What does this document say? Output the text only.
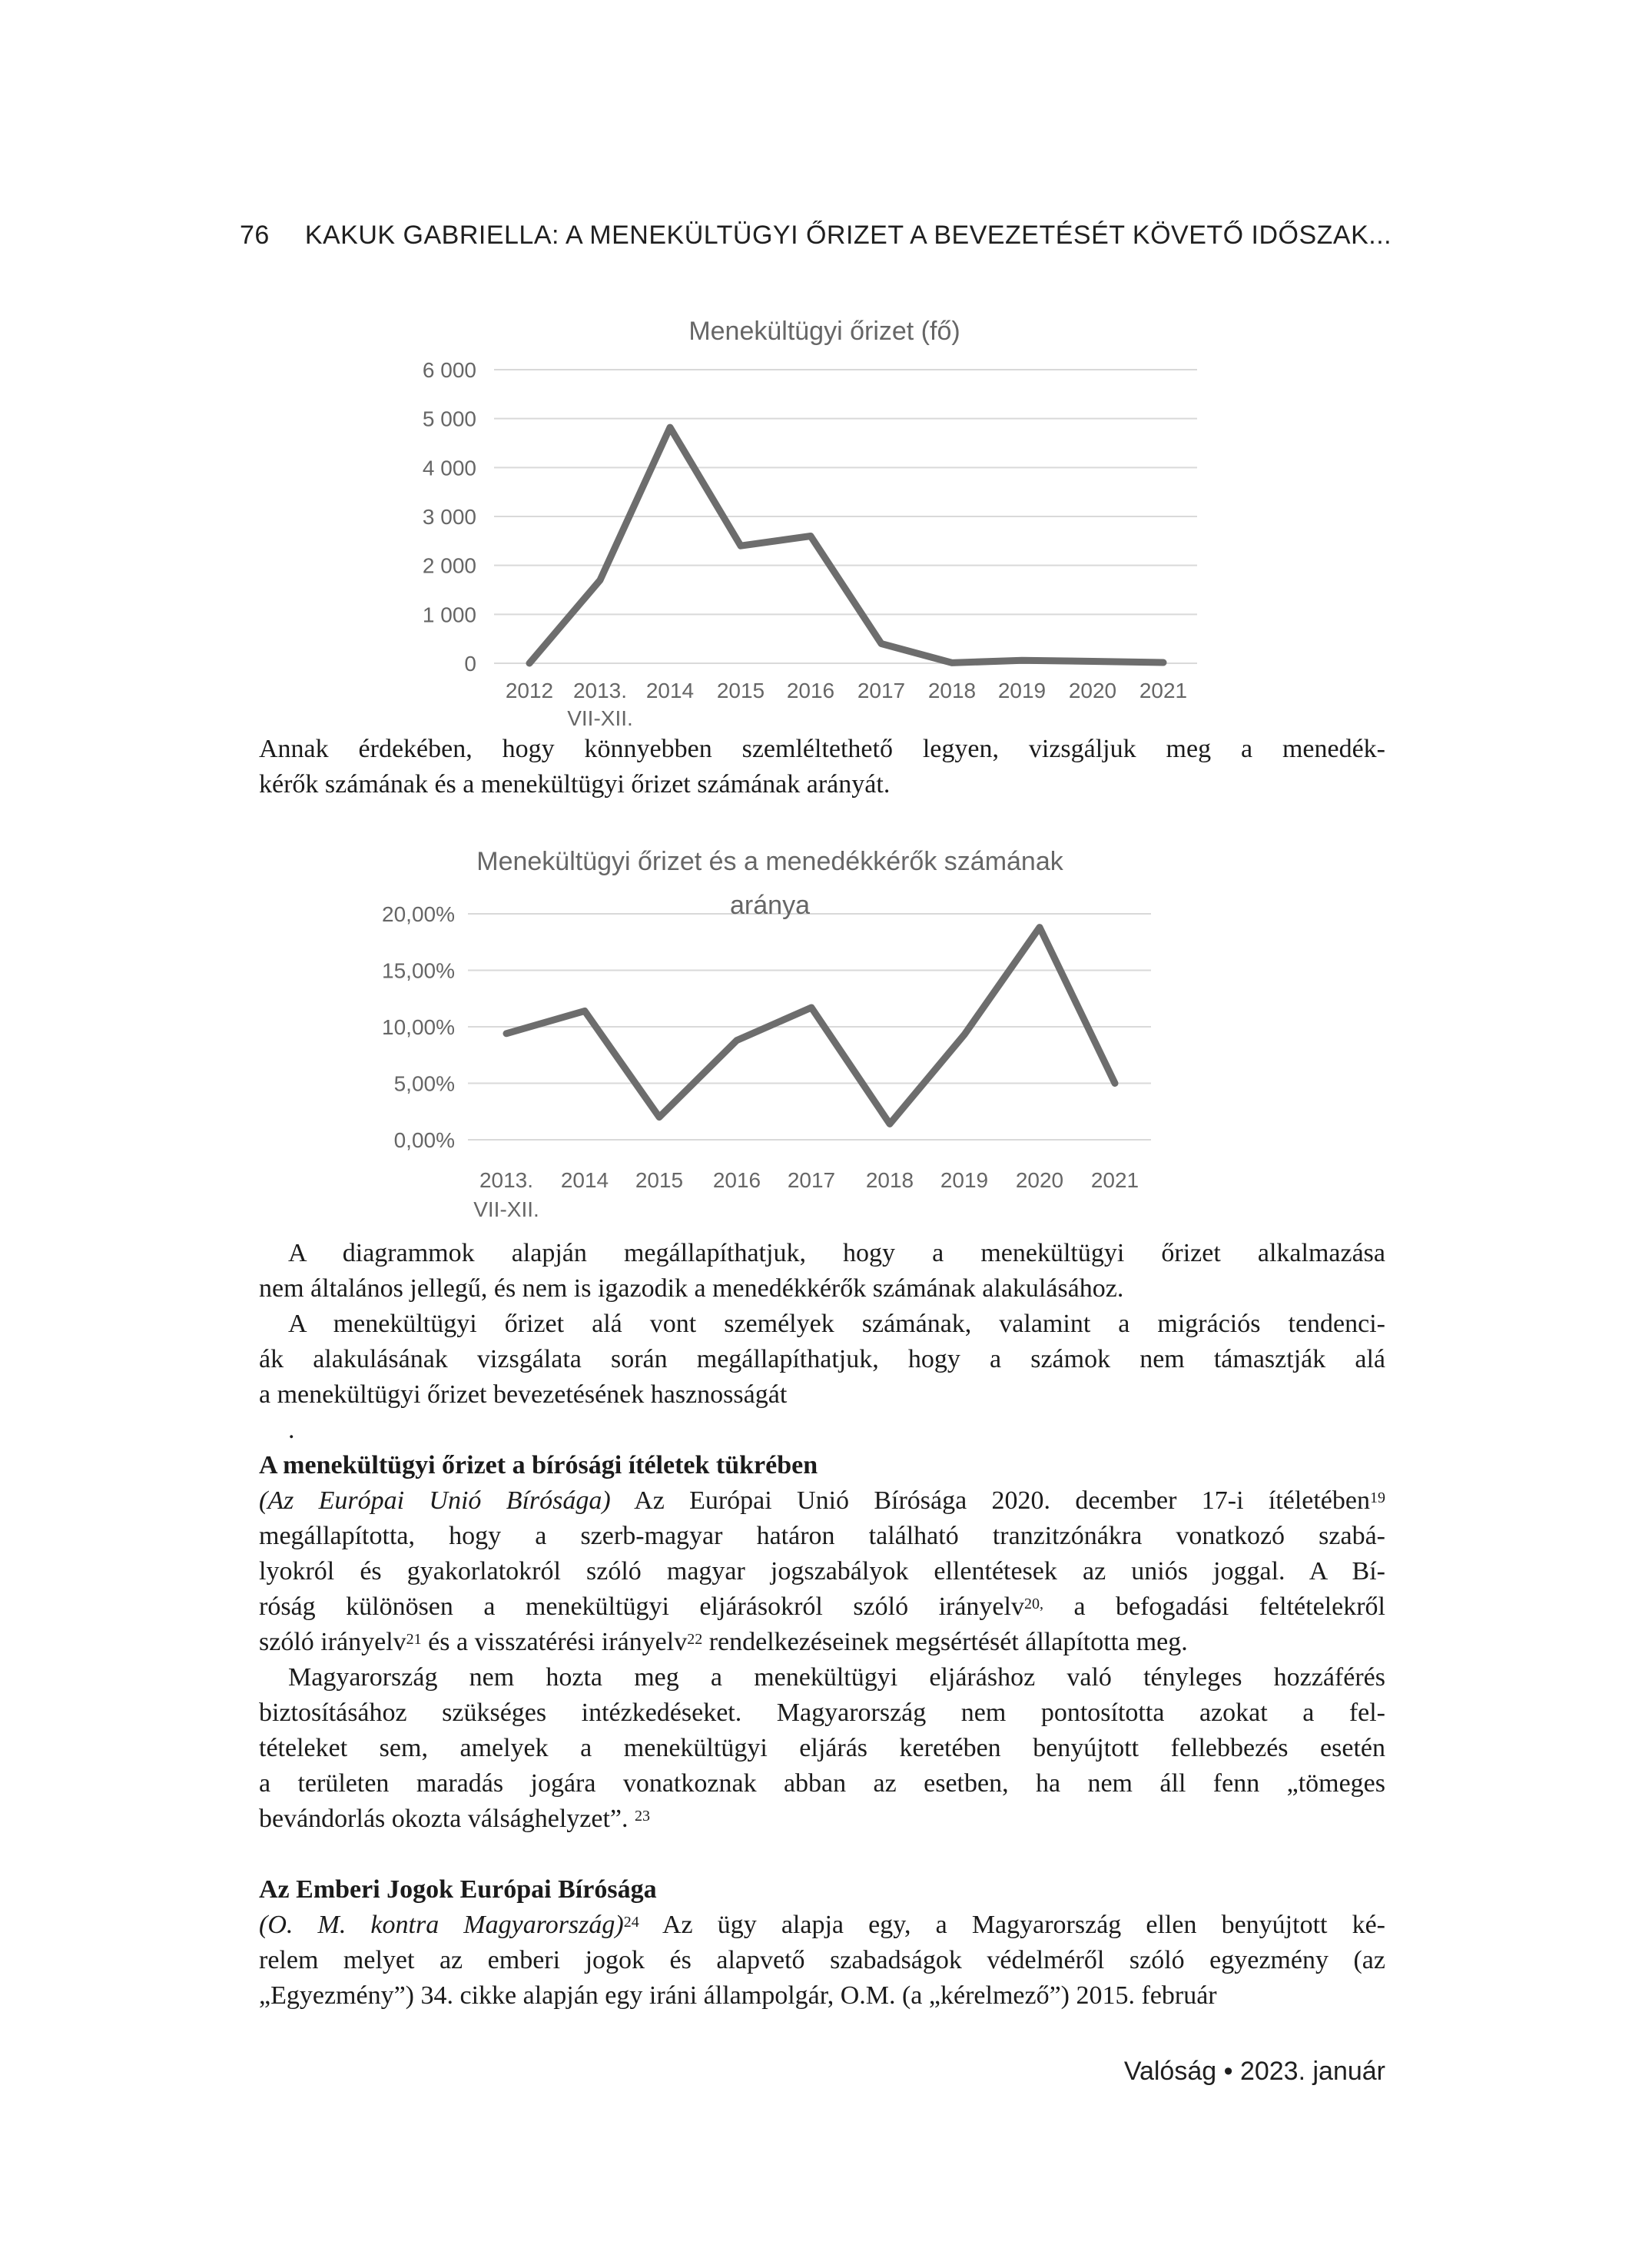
76 KAKUK GABRIELLA: A MENEKÜLTÜGYI ŐRIZET A BEVEZETÉSÉT KÖVETŐ IDŐSZAK...
0
1 000
2 000
3 000
4 000
5 000
6 000
2012 2013.
VII-XII.
2014 2015 2016 2017 2018 2019 2020 2021
Menekültügyi őrizet (fő)
0,00%
5,00%
10,00%
15,00%
20,00%
2013.
VII-XII.
2014 2015 2016 2017 2018 2019 2020 2021
Menekültügyi őrizet és a menedékkérők számának
aránya
Annak érdekében, hogy könnyebben szemléltethető legyen, vizsgáljuk meg a menedék-
kérők számának és a menekültügyi őrizet számának arányát.
A diagrammok alapján megállapíthatjuk, hogy a menekültügyi őrizet alkalmazása
nem általános jellegű, és nem is igazodik a menedékkérők számának alakulásához.
A menekültügyi őrizet alá vont személyek számának, valamint a migrációs tendenci-
ák alakulásának vizsgálata során megállapíthatjuk, hogy a számok nem támasztják alá
a menekültügyi őrizet bevezetésének hasznosságát
.
A menekültügyi őrizet a bírósági ítéletek tükrében
(Az Európai Unió Bírósága) Az Európai Unió Bírósága 2020. december 17-i ítéletében$^{19}$
megállapította, hogy a szerb-magyar határon található tranzitzónákra vonatkozó szabá-
lyokról és gyakorlatokról szóló magyar jogszabályok ellentétesek az uniós joggal. A Bí-
róság különösen a menekültügyi eljárásokról szóló irányelv$^{20,}$ a befogadási feltételekről
szóló irányelv$^{21}$ és a visszatérési irányelv$^{22}$ rendelkezéseinek megsértését állapította meg.
Magyarország nem hozta meg a menekültügyi eljáráshoz való tényleges hozzáférés
biztosításához szükséges intézkedéseket. Magyarország nem pontosította azokat a fel-
tételeket sem, amelyek a menekültügyi eljárás keretében benyújtott fellebbezés esetén
a területen maradás jogára vonatkoznak abban az esetben, ha nem áll fenn „tömeges
bevándorlás okozta válsághelyzet”. $^{23}$
Az Emberi Jogok Európai Bírósága
(O. M. kontra Magyarország)$^{24}$ Az ügy alapja egy, a Magyarország ellen benyújtott ké-
relem melyet az emberi jogok és alapvető szabadságok védelméről szóló egyezmény (az
„Egyezmény”) 34. cikke alapján egy iráni állampolgár, O.M. (a „kérelmező”) 2015. február
Valóság • 2023. január
